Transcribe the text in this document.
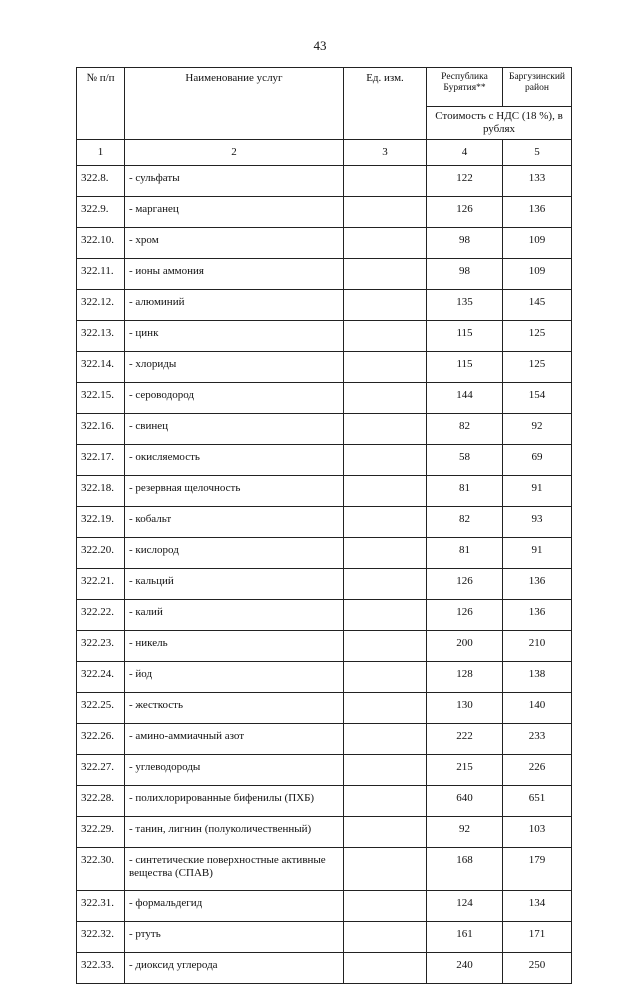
43
№ п/п	Наименование услуг	Ед. изм.	Республика Бурятия**	Баргузинский район
			Стоимость с НДС (18 %), в рублях	
1	2	3	4	5
322.8.	- сульфаты		122	133
322.9.	- марганец		126	136
322.10.	- хром		98	109
322.11.	- ионы аммония		98	109
322.12.	- алюминий		135	145
322.13.	- цинк		115	125
322.14.	- хлориды		115	125
322.15.	- сероводород		144	154
322.16.	- свинец		82	92
322.17.	- окисляемость		58	69
322.18.	- резервная щелочность		81	91
322.19.	- кобальт		82	93
322.20.	- кислород		81	91
322.21.	- кальций		126	136
322.22.	- калий		126	136
322.23.	- никель		200	210
322.24.	- йод		128	138
322.25.	- жесткость		130	140
322.26.	- амино-аммиачный азот		222	233
322.27.	- углеводороды		215	226
322.28.	- полихлорированные бифенилы (ПХБ)		640	651
322.29.	- танин, лигнин (полуколичественный)		92	103
322.30.	- синтетические поверхностные активные вещества (СПАВ)		168	179
322.31.	- формальдегид		124	134
322.32.	- ртуть		161	171
322.33.	- диоксид углерода		240	250
